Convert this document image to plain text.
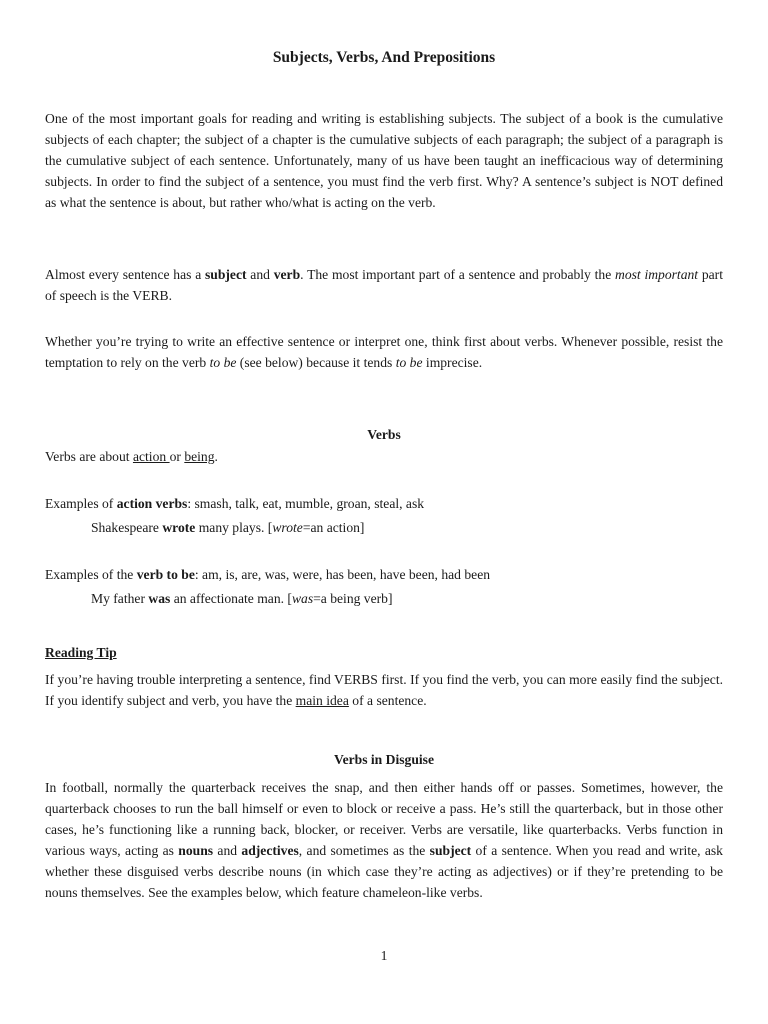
Subjects, Verbs, And Prepositions

One of the most important goals for reading and writing is establishing subjects. The subject of a book is the cumulative subjects of each chapter; the subject of a chapter is the cumulative subjects of each paragraph; the subject of a paragraph is the cumulative subject of each sentence. Unfortunately, many of us have been taught an inefficacious way of determining subjects. In order to find the subject of a sentence, you must find the verb first. Why? A sentence’s subject is NOT defined as what the sentence is about, but rather who/what is acting on the verb.

Almost every sentence has a subject and verb. The most important part of a sentence and probably the most important part of speech is the VERB.

Whether you’re trying to write an effective sentence or interpret one, think first about verbs. Whenever possible, resist the temptation to rely on the verb to be (see below) because it tends to be imprecise.

Verbs
Verbs are about action or being.
Examples of action verbs: smash, talk, eat, mumble, groan, steal, ask
Shakespeare wrote many plays. [wrote=an action]
Examples of the verb to be: am, is, are, was, were, has been, have been, had been
My father was an affectionate man. [was=a being verb]
Reading Tip

If you’re having trouble interpreting a sentence, find VERBS first. If you find the verb, you can more easily find the subject. If you identify subject and verb, you have the main idea of a sentence.

Verbs in Disguise

In football, normally the quarterback receives the snap, and then either hands off or passes. Sometimes, however, the quarterback chooses to run the ball himself or even to block or receive a pass. He’s still the quarterback, but in those other cases, he’s functioning like a running back, blocker, or receiver. Verbs are versatile, like quarterbacks. Verbs function in various ways, acting as nouns and adjectives, and sometimes as the subject of a sentence. When you read and write, ask whether these disguised verbs describe nouns (in which case they’re acting as adjectives) or if they’re pretending to be nouns themselves. See the examples below, which feature chameleon-like verbs.

1
